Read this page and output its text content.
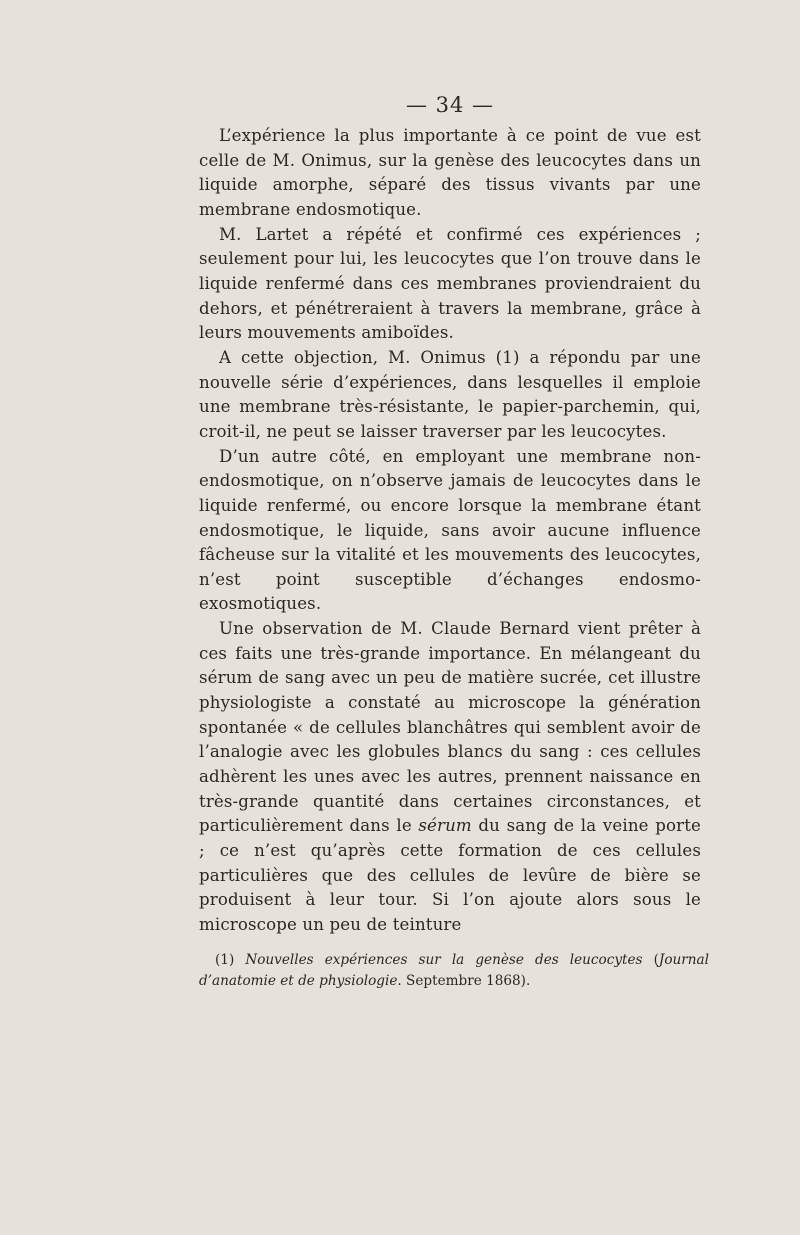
— 34 —

L’expérience la plus importante à ce point de vue est celle de M. Onimus, sur la genèse des leucocytes dans un liquide amorphe, séparé des tissus vivants par une membrane endosmotique.

M. Lartet a répété et confirmé ces expériences ; seulement pour lui, les leucocytes que l’on trouve dans le liquide renfermé dans ces membranes proviendraient du dehors, et pénétreraient à travers la membrane, grâce à leurs mouvements amiboïdes.

A cette objection, M. Onimus (1) a répondu par une nouvelle série d’expériences, dans lesquelles il emploie une membrane très-résistante, le papier-parchemin, qui, croit-il, ne peut se laisser traverser par les leucocytes.

D’un autre côté, en employant une membrane non-endosmotique, on n’observe jamais de leucocytes dans le liquide renfermé, ou encore lorsque la membrane étant endosmotique, le liquide, sans avoir aucune influence fâcheuse sur la vitalité et les mouvements des leucocytes, n’est point susceptible d’échanges endosmo-exosmotiques.

Une observation de M. Claude Bernard vient prêter à ces faits une très-grande importance. En mélangeant du sérum de sang avec un peu de matière sucrée, cet illustre physiologiste a constaté au microscope la génération spontanée « de cellules blanchâtres qui semblent avoir de l’analogie avec les globules blancs du sang : ces cellules adhèrent les unes avec les autres, prennent naissance en très-grande quantité dans certaines circonstances, et particulièrement dans le sérum du sang de la veine porte ; ce n’est qu’après cette formation de ces cellules particulières que des cellules de levûre de bière se produisent à leur tour. Si l’on ajoute alors sous le microscope un peu de teinture

(1) Nouvelles expériences sur la genèse des leucocytes (Journal d’anatomie et de physiologie. Septembre 1868).
